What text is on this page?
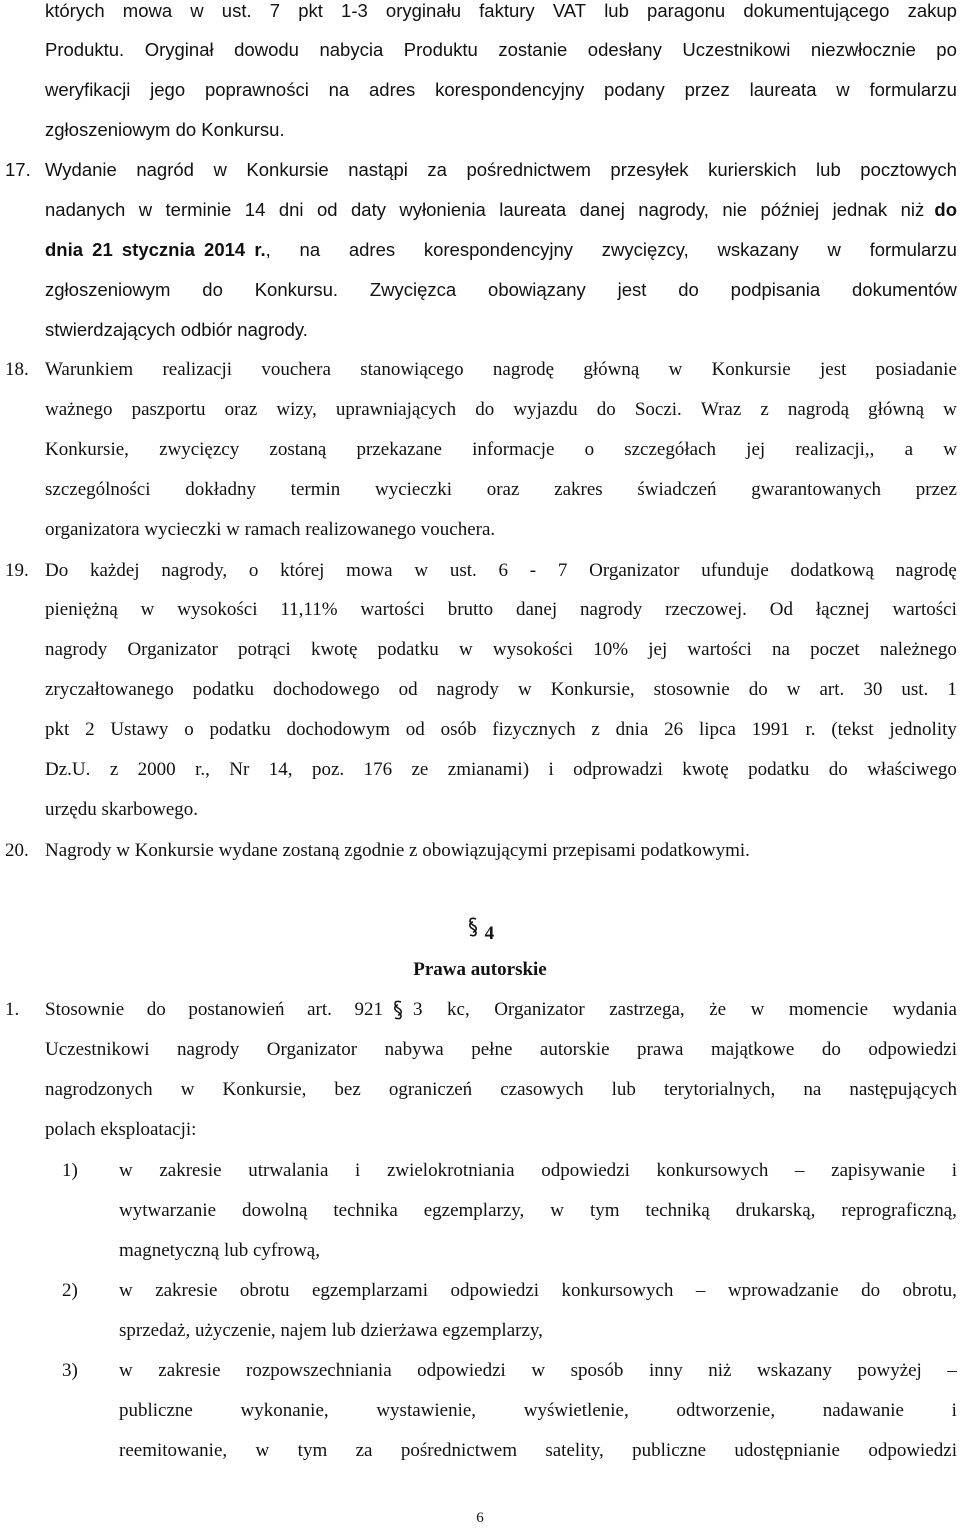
których mowa w ust. 7 pkt 1-3 oryginału faktury VAT lub paragonu dokumentującego zakup
Produktu. Oryginał dowodu nabycia Produktu zostanie odesłany Uczestnikowi niezwłocznie po
weryfikacji jego poprawności na adres korespondencyjny podany przez laureata w formularzu
zgłoszeniowym do Konkursu.
17. Wydanie nagród w Konkursie nastąpi za pośrednictwem przesyłek kurierskich lub pocztowych
nadanych w terminie 14 dni od daty wyłonienia laureata danej nagrody, nie później jednak niż do
dnia 21 stycznia 2014 r. , na adres korespondencyjny zwycięzcy, wskazany w formularzu
zgłoszeniowym do Konkursu. Zwycięzca obowiązany jest do podpisania dokumentów
stwierdzających odbiór nagrody.
18. Warunkiem realizacji vouchera stanowiącego nagrodę główną w Konkursie jest posiadanie
ważnego paszportu oraz wizy, uprawniających do wyjazdu do Soczi. Wraz z nagrodą główną w
Konkursie, zwycięzcy zostaną przekazane informacje o szczegółach jej realizacji,, a w
szczególności dokładny termin wycieczki oraz zakres świadczeń gwarantowanych przez
organizatora wycieczki w ramach realizowanego vouchera.
19. Do każdej nagrody, o której mowa w ust. 6 - 7 Organizator ufunduje dodatkową nagrodę
pieniężną w wysokości 11,11% wartości brutto danej nagrody rzeczowej. Od łącznej wartości
nagrody Organizator potrąci kwotę podatku w wysokości 10% jej wartości na poczet należnego
zryczałtowanego podatku dochodowego od nagrody w Konkursie, stosownie do w art. 30 ust. 1
pkt 2 Ustawy o podatku dochodowym od osób fizycznych z dnia 26 lipca 1991 r. (tekst jednolity
Dz.U. z 2000 r., Nr 14, poz. 176 ze zmianami) i odprowadzi kwotę podatku do właściwego
urzędu skarbowego.
20. Nagrody w Konkursie wydane zostaną zgodnie z obowiązującymi przepisami podatkowymi.
4
Prawa autorskie
1. Stosownie do postanowień art. 921 3 kc, Organizator zastrzega, że w momencie wydania
Uczestnikowi nagrody Organizator nabywa pełne autorskie prawa majątkowe do odpowiedzi
nagrodzonych w Konkursie, bez ograniczeń czasowych lub terytorialnych, na następujących
polach eksploatacji:
1) w zakresie utrwalania i zwielokrotniania odpowiedzi konkursowych – zapisywanie i
wytwarzanie dowolną technika egzemplarzy, w tym techniką drukarską, reprograficzną,
magnetyczną lub cyfrową,
2) w zakresie obrotu egzemplarzami odpowiedzi konkursowych – wprowadzanie do obrotu,
sprzedaż, użyczenie, najem lub dzierżawa egzemplarzy,
3) w zakresie rozpowszechniania odpowiedzi w sposób inny niż wskazany powyżej –
publiczne	wykonanie,	wystawienie,	wyświetlenie,	odtworzenie,	nadawanie	i
reemitowanie, w tym za pośrednictwem satelity, publiczne udostępnianie odpowiedzi
6
